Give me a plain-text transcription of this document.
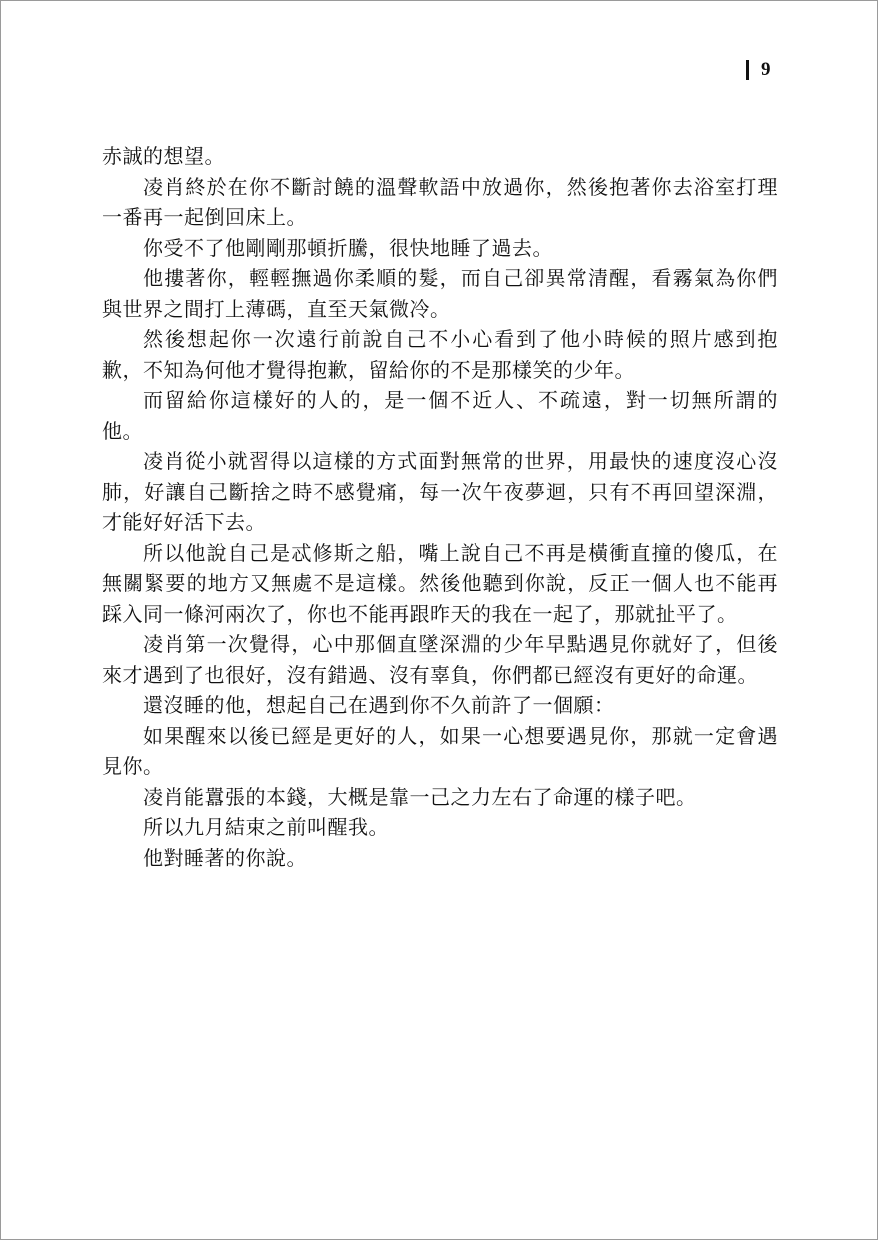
9

赤誠的想望。

凌肖終於在你不斷討饒的溫聲軟語中放過你，然後抱著你去浴室打理一番再一起倒回床上。

你受不了他剛剛那頓折騰，很快地睡了過去。

他摟著你，輕輕撫過你柔順的髮，而自己卻異常清醒，看霧氣為你們與世界之間打上薄碼，直至天氣微冷。

然後想起你一次遠行前說自己不小心看到了他小時候的照片感到抱歉，不知為何他才覺得抱歉，留給你的不是那樣笑的少年。

而留給你這樣好的人的，是一個不近人、不疏遠，對一切無所謂的他。

凌肖從小就習得以這樣的方式面對無常的世界，用最快的速度沒心沒肺，好讓自己斷捨之時不感覺痛，每一次午夜夢迴，只有不再回望深淵，才能好好活下去。

所以他說自己是忒修斯之船，嘴上說自己不再是橫衝直撞的傻瓜，在無關緊要的地方又無處不是這樣。然後他聽到你說，反正一個人也不能再踩入同一條河兩次了，你也不能再跟昨天的我在一起了，那就扯平了。

凌肖第一次覺得，心中那個直墜深淵的少年早點遇見你就好了，但後來才遇到了也很好，沒有錯過、沒有辜負，你們都已經沒有更好的命運。

還沒睡的他，想起自己在遇到你不久前許了一個願：

如果醒來以後已經是更好的人，如果一心想要遇見你，那就一定會遇見你。

凌肖能囂張的本錢，大概是靠一己之力左右了命運的樣子吧。

所以九月結束之前叫醒我。

他對睡著的你說。
